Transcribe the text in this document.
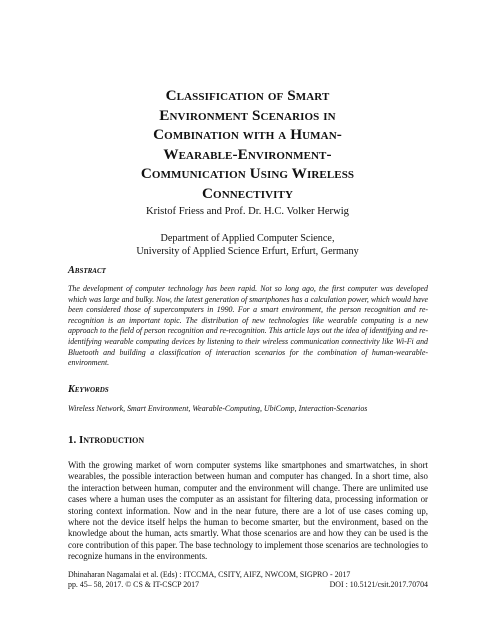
Classification of Smart
Environment Scenarios in
Combination with a Human-
Wearable-Environment-
Communication Using Wireless
Connectivity

Kristof Friess and Prof. Dr. H.C. Volker Herwig

Department of Applied Computer Science,
University of Applied Science Erfurt, Erfurt, Germany

Abstract

The development of computer technology has been rapid. Not so long ago, the first computer was developed which was large and bulky. Now, the latest generation of smartphones has a calculation power, which would have been considered those of supercomputers in 1990. For a smart environment, the person recognition and re-recognition is an important topic. The distribution of new technologies like wearable computing is a new approach to the field of person recognition and re-recognition. This article lays out the idea of identifying and re-identifying wearable computing devices by listening to their wireless communication connectivity like Wi-Fi and Bluetooth and building a classification of interaction scenarios for the combination of human-wearable-environment.

Keywords

Wireless Network, Smart Environment, Wearable-Computing, UbiComp, Interaction-Scenarios

1. Introduction

With the growing market of worn computer systems like smartphones and smartwatches, in short wearables, the possible interaction between human and computer has changed. In a short time, also the interaction between human, computer and the environment will change. There are unlimited use cases where a human uses the computer as an assistant for filtering data, processing information or storing context information. Now and in the near future, there are a lot of use cases coming up, where not the device itself helps the human to become smarter, but the environment, based on the knowledge about the human, acts smartly. What those scenarios are and how they can be used is the core contribution of this paper. The base technology to implement those scenarios are technologies to recognize humans in the environments.

Dhinaharan Nagamalai et al. (Eds) : ITCCMA, CSITY, AIFZ, NWCOM, SIGPRO - 2017
pp. 45– 58, 2017. © CS & IT-CSCP 2017	DOI : 10.5121/csit.2017.70704
